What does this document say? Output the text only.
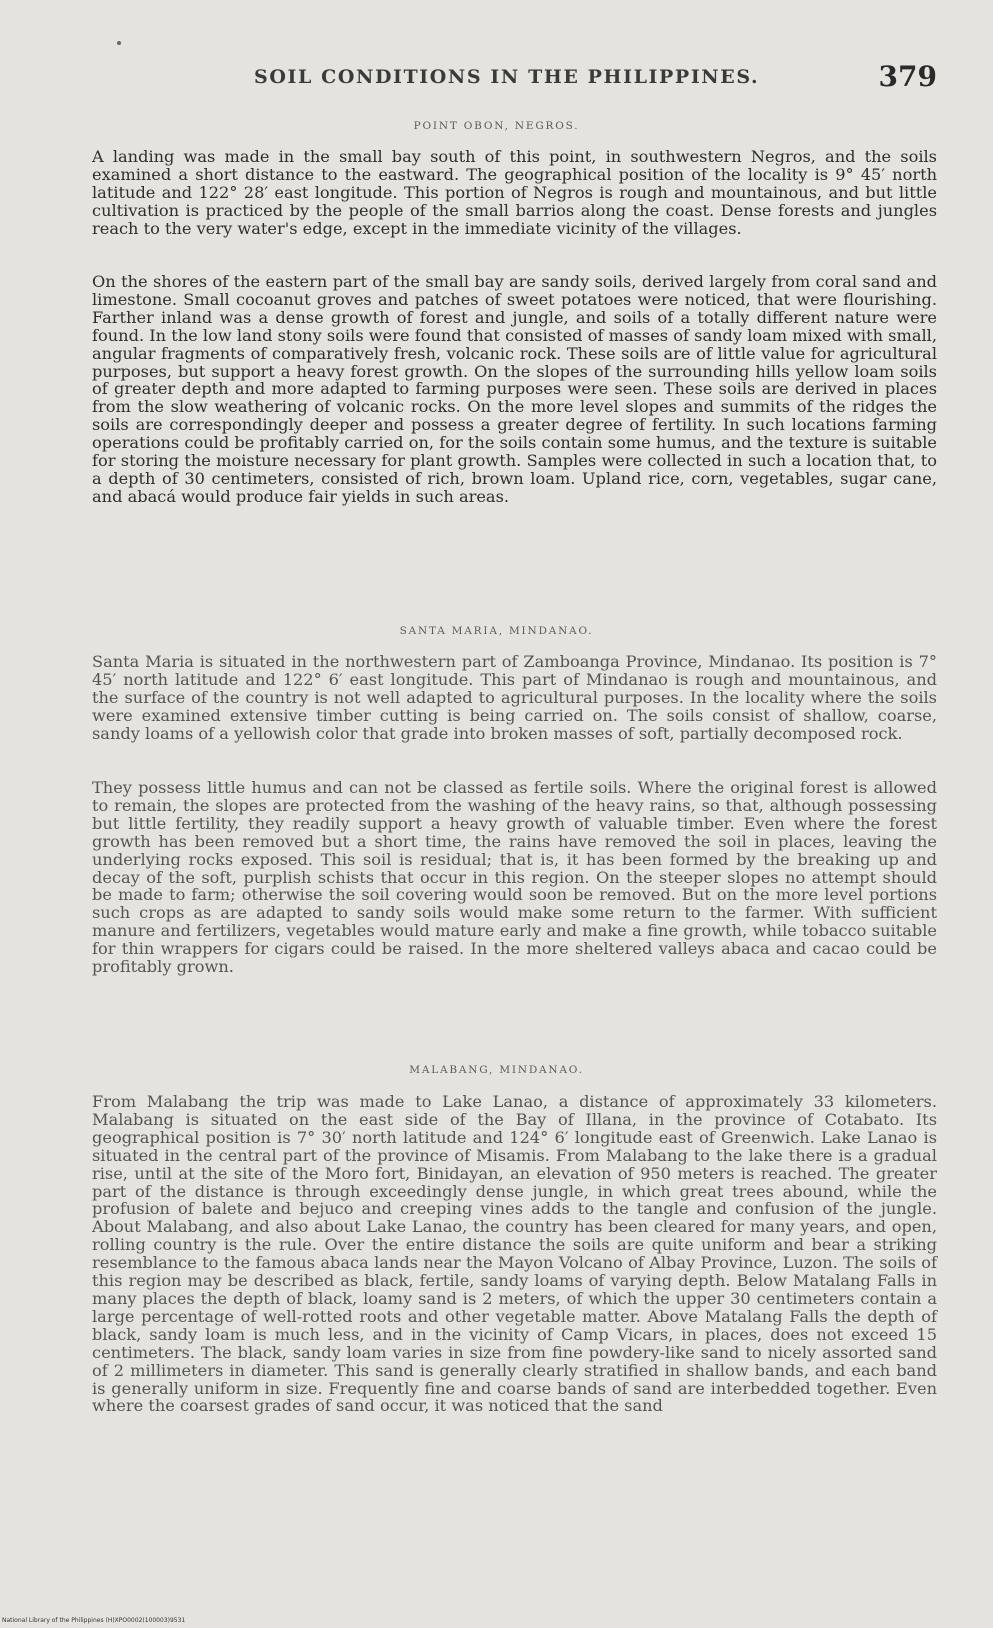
SOIL CONDITIONS IN THE PHILIPPINES.	379
POINT OBON, NEGROS.

A landing was made in the small bay south of this point, in southwestern Negros, and the soils examined a short distance to the eastward. The geographical position of the locality is 9° 45′ north latitude and 122° 28′ east longitude. This portion of Negros is rough and mountainous, and but little cultivation is practiced by the people of the small barrios along the coast. Dense forests and jungles reach to the very water's edge, except in the immediate vicinity of the villages.

On the shores of the eastern part of the small bay are sandy soils, derived largely from coral sand and limestone. Small cocoanut groves and patches of sweet potatoes were noticed, that were flourishing. Farther inland was a dense growth of forest and jungle, and soils of a totally different nature were found. In the low land stony soils were found that consisted of masses of sandy loam mixed with small, angular fragments of comparatively fresh, volcanic rock. These soils are of little value for agricultural purposes, but support a heavy forest growth. On the slopes of the surrounding hills yellow loam soils of greater depth and more adapted to farming purposes were seen. These soils are derived in places from the slow weathering of volcanic rocks. On the more level slopes and summits of the ridges the soils are correspondingly deeper and possess a greater degree of fertility. In such locations farming operations could be profitably carried on, for the soils contain some humus, and the texture is suitable for storing the moisture necessary for plant growth. Samples were collected in such a location that, to a depth of 30 centimeters, consisted of rich, brown loam. Upland rice, corn, vegetables, sugar cane, and abacá would produce fair yields in such areas.

SANTA MARIA, MINDANAO.

Santa Maria is situated in the northwestern part of Zamboanga Province, Mindanao. Its position is 7° 45′ north latitude and 122° 6′ east longitude. This part of Mindanao is rough and mountainous, and the surface of the country is not well adapted to agricultural purposes. In the locality where the soils were examined extensive timber cutting is being carried on. The soils consist of shallow, coarse, sandy loams of a yellowish color that grade into broken masses of soft, partially decomposed rock.

They possess little humus and can not be classed as fertile soils. Where the original forest is allowed to remain, the slopes are protected from the washing of the heavy rains, so that, although possessing but little fertility, they readily support a heavy growth of valuable timber. Even where the forest growth has been removed but a short time, the rains have removed the soil in places, leaving the underlying rocks exposed. This soil is residual; that is, it has been formed by the breaking up and decay of the soft, purplish schists that occur in this region. On the steeper slopes no attempt should be made to farm; otherwise the soil covering would soon be removed. But on the more level portions such crops as are adapted to sandy soils would make some return to the farmer. With sufficient manure and fertilizers, vegetables would mature early and make a fine growth, while tobacco suitable for thin wrappers for cigars could be raised. In the more sheltered valleys abaca and cacao could be profitably grown.

MALABANG, MINDANAO.

From Malabang the trip was made to Lake Lanao, a distance of approximately 33 kilometers. Malabang is situated on the east side of the Bay of Illana, in the province of Cotabato. Its geographical position is 7° 30′ north latitude and 124° 6′ longitude east of Greenwich. Lake Lanao is situated in the central part of the province of Misamis. From Malabang to the lake there is a gradual rise, until at the site of the Moro fort, Binidayan, an elevation of 950 meters is reached. The greater part of the distance is through exceedingly dense jungle, in which great trees abound, while the profusion of balete and bejuco and creeping vines adds to the tangle and confusion of the jungle. About Malabang, and also about Lake Lanao, the country has been cleared for many years, and open, rolling country is the rule. Over the entire distance the soils are quite uniform and bear a striking resemblance to the famous abaca lands near the Mayon Volcano of Albay Province, Luzon. The soils of this region may be described as black, fertile, sandy loams of varying depth. Below Matalang Falls in many places the depth of black, loamy sand is 2 meters, of which the upper 30 centimeters contain a large percentage of well-rotted roots and other vegetable matter. Above Matalang Falls the depth of black, sandy loam is much less, and in the vicinity of Camp Vicars, in places, does not exceed 15 centimeters. The black, sandy loam varies in size from fine powdery-like sand to nicely assorted sand of 2 millimeters in diameter. This sand is generally clearly stratified in shallow bands, and each band is generally uniform in size. Frequently fine and coarse bands of sand are interbedded together. Even where the coarsest grades of sand occur, it was noticed that the sand

National Library of the Philippines (H)XPO0002(100003)9531
